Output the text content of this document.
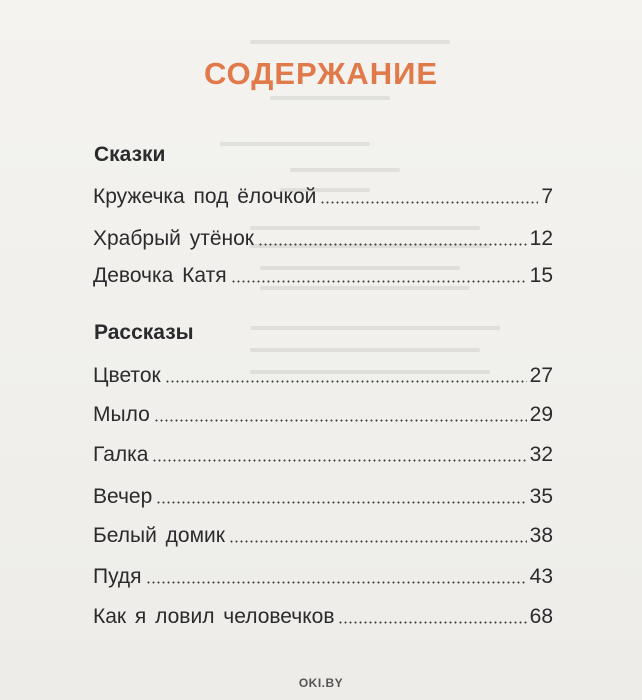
СОДЕРЖАНИЕ
Сказки
Кружечка под ёлочкой	7
Храбрый утёнок	12
Девочка Катя	15
Рассказы
Цветок	27
Мыло	29
Галка	32
Вечер	35
Белый домик	38
Пудя	43
Как я ловил человечков	68
OKI.BY
